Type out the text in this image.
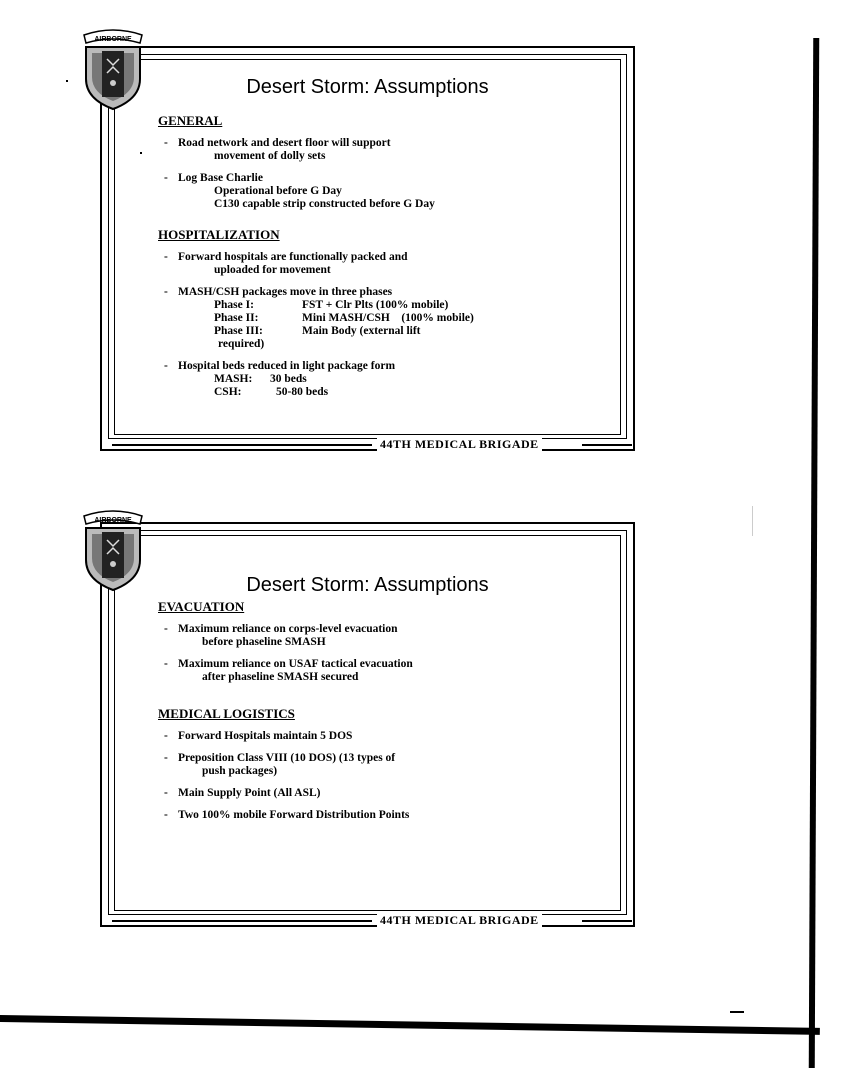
Desert Storm: Assumptions
GENERAL
- Road network and desert floor will support
movement of dolly sets
- Log Base Charlie
Operational before G Day
C130 capable strip constructed before G Day
HOSPITALIZATION
- Forward hospitals are functionally packed and
uploaded for movement
- MASH/CSH packages move in three phases
Phase I:	FST + Clr Plts (100% mobile)
Phase II:	Mini MASH/CSH    (100% mobile)
Phase III:	Main Body (external lift
required)
- Hospital beds reduced in light package form
MASH:	30 beds
CSH:	50-80 beds
44TH MEDICAL BRIGADE
Desert Storm: Assumptions
EVACUATION
- Maximum reliance on corps-level evacuation
before phaseline SMASH
- Maximum reliance on USAF tactical evacuation
after phaseline SMASH secured
MEDICAL LOGISTICS
- Forward Hospitals maintain 5 DOS
- Preposition Class VIII (10 DOS) (13 types of
push packages)
- Main Supply Point (All ASL)
- Two 100% mobile Forward Distribution Points
44TH MEDICAL BRIGADE
AIRBORNE
AIRBORNE
